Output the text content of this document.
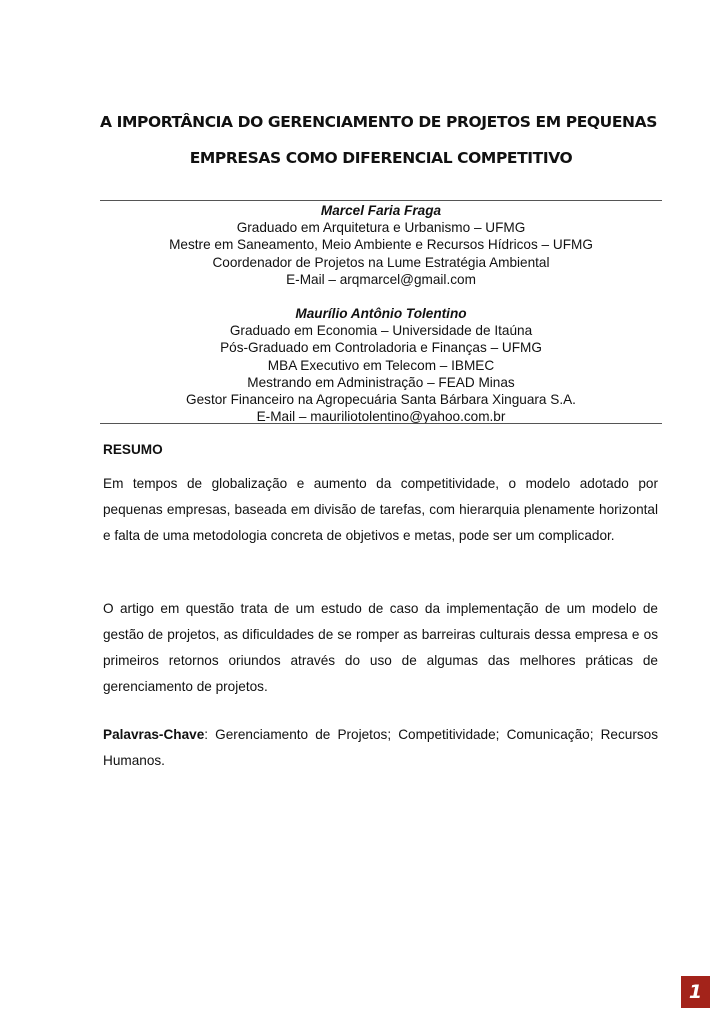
A IMPORTÂNCIA DO GERENCIAMENTO DE PROJETOS EM PEQUENAS
EMPRESAS COMO DIFERENCIAL COMPETITIVO
Marcel Faria Fraga
Graduado em Arquitetura e Urbanismo – UFMG
Mestre em Saneamento, Meio Ambiente e Recursos Hídricos – UFMG
Coordenador de Projetos na Lume Estratégia Ambiental
E-Mail – arqmarcel@gmail.com
Maurílio Antônio Tolentino
Graduado em Economia – Universidade de Itaúna
Pós-Graduado em Controladoria e Finanças – UFMG
MBA Executivo em Telecom – IBMEC
Mestrando em Administração – FEAD Minas
Gestor Financeiro na Agropecuária Santa Bárbara Xinguara S.A.
E-Mail – mauriliotolentino@yahoo.com.br
RESUMO

Em tempos de globalização e aumento da competitividade, o modelo adotado por pequenas empresas, baseada em divisão de tarefas, com hierarquia plenamente horizontal e falta de uma metodologia concreta de objetivos e metas, pode ser um complicador.

O artigo em questão trata de um estudo de caso da implementação de um modelo de gestão de projetos, as dificuldades de se romper as barreiras culturais dessa empresa e os primeiros retornos oriundos através do uso de algumas das melhores práticas de gerenciamento de projetos.

Palavras-Chave: Gerenciamento de Projetos; Competitividade; Comunicação; Recursos Humanos.

1
